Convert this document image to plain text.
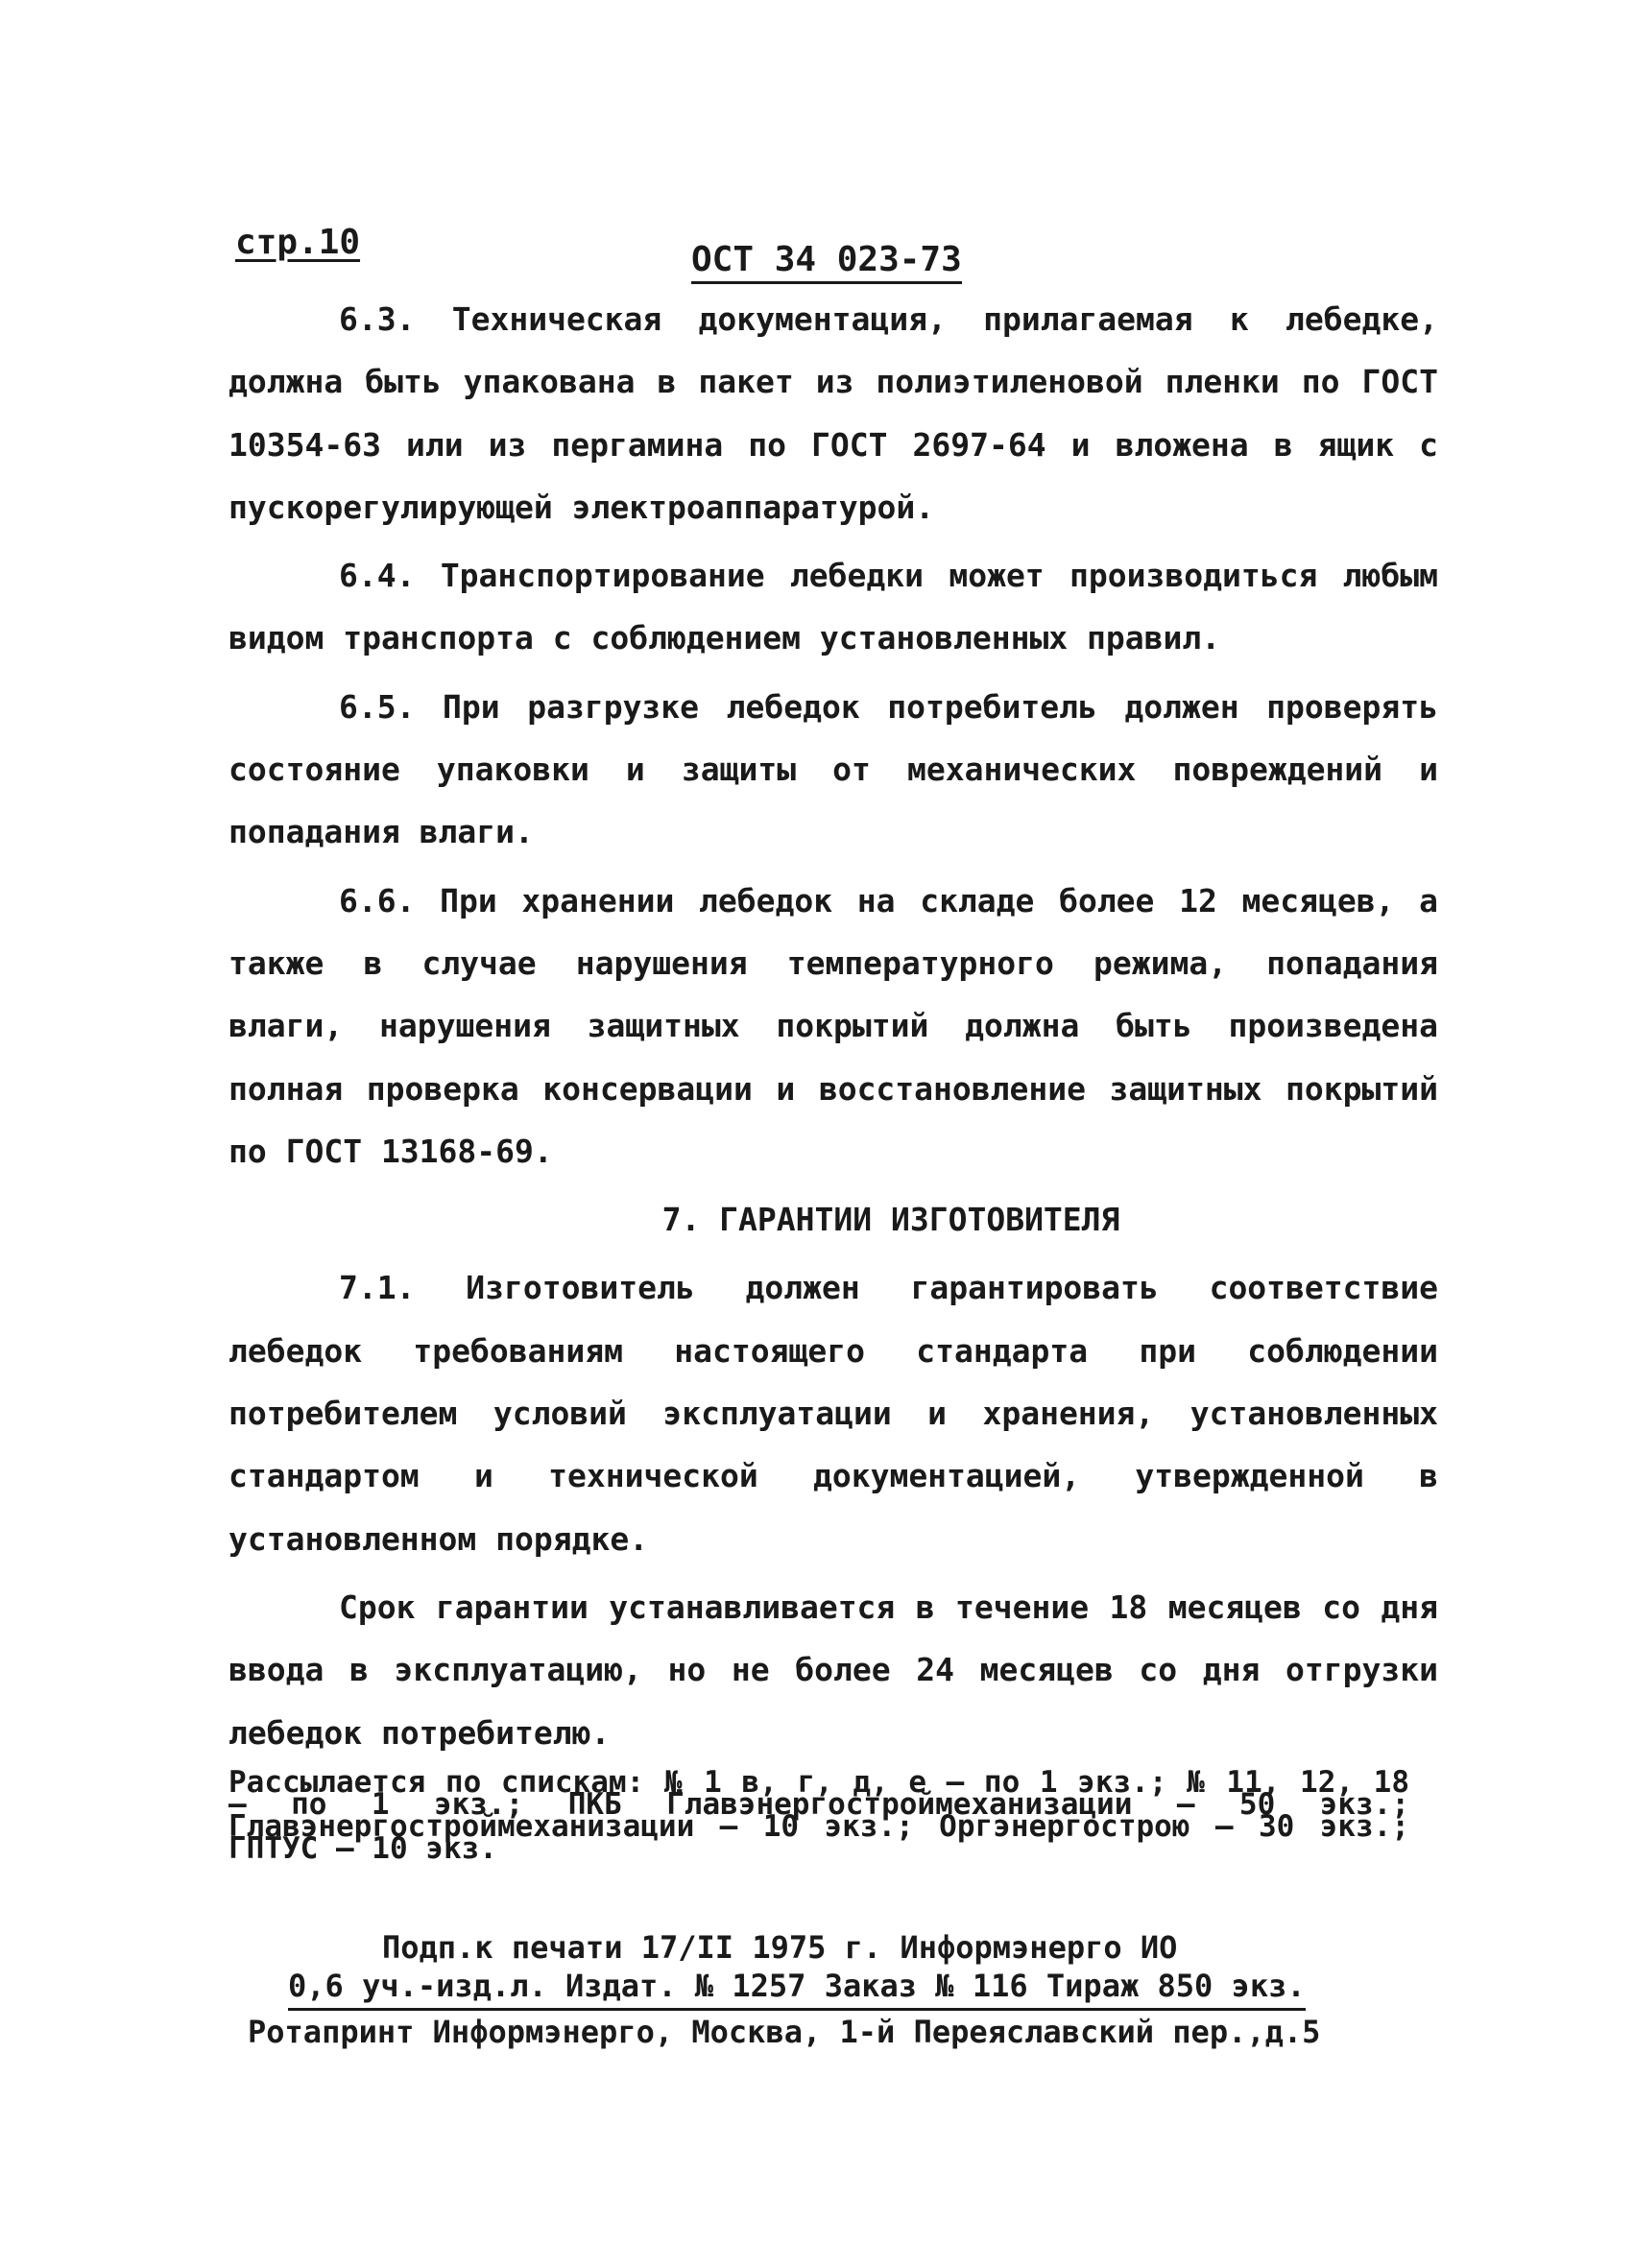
стр.10	ОСТ 34 023-73

6.3. Техническая документация, прилагаемая к лебедке, должна быть упакована в пакет из полиэтиленовой пленки по ГОСТ 10354-63 или из пергамина по ГОСТ 2697-64 и вложена в ящик с пускорегулирующей электроаппаратурой.

6.4. Транспортирование лебедки может производиться любым видом транспорта с соблюдением установленных правил.

6.5. При разгрузке лебедок потребитель должен проверять состояние упаковки и защиты от механических повреждений и попадания влаги.

6.6. При хранении лебедок на складе более 12 месяцев, а также в случае нарушения температурного режима, попадания влаги, нарушения защитных покрытий должна быть произведена полная проверка консервации и восстановление защитных покрытий по ГОСТ 13168-69.

7. ГАРАНТИИ ИЗГОТОВИТЕЛЯ

7.1. Изготовитель должен гарантировать соответствие лебедок требованиям настоящего стандарта при соблюдении потребителем условий эксплуатации и хранения, установленных стандартом и технической документацией, утвержденной в установленном порядке.

Срок гарантии устанавливается в течение 18 месяцев со дня ввода в эксплуатацию, но не более 24 месяцев со дня отгрузки лебедок потребителю.

Рассылается по спискам: № 1 в, г, д, е – по 1 экз.; № 11, 12, 18 – по 1 экз.; ПКБ Главэнергостроймеханизации – 50 экз.; Главэнергостроймеханизации – 10 экз.; Оргэнергострою – 30 экз.; ГПТУС – 10 экз.
Подп.к печати 17/II 1975 г. Информэнерго ИО
0,6 уч.-изд.л. Издат. № 1257 Заказ № 116 Тираж 850 экз.
Ротапринт Информэнерго, Москва, 1-й Переяславский пер.,д.5
